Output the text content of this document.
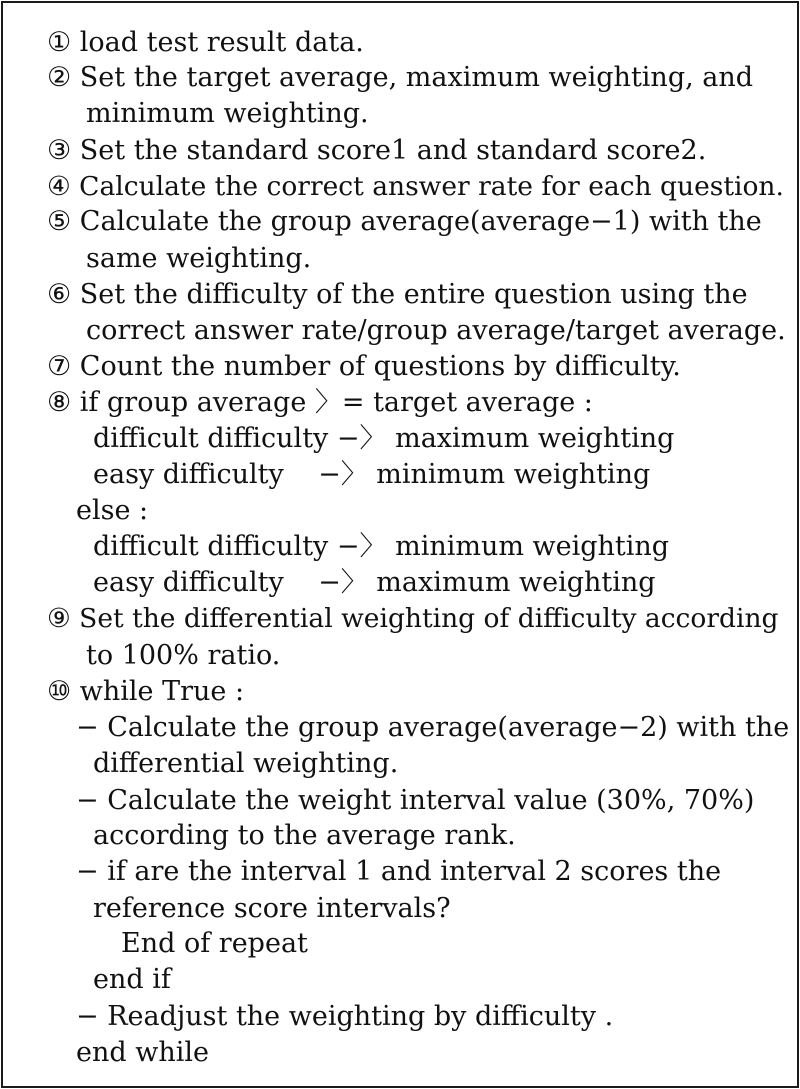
① load test result data.
② Set the target average, maximum weighting, and
minimum weighting.
③ Set the standard score1 and standard score2.
④ Calculate the correct answer rate for each question.
⑤ Calculate the group average(average−1) with the
same weighting.
⑥ Set the difficulty of the entire question using the
correct answer rate/group average/target average.
⑦ Count the number of questions by difficulty.
⑧ if group average 〉= target average :
difficult difficulty −〉 maximum weighting
easy difficulty    −〉 minimum weighting
else :
difficult difficulty −〉 minimum weighting
easy difficulty    −〉 maximum weighting
⑨ Set the differential weighting of difficulty according
to 100% ratio.
⑩ while True :
− Calculate the group average(average−2) with the
differential weighting.
− Calculate the weight interval value (30%, 70%)
according to the average rank.
− if are the interval 1 and interval 2 scores the
reference score intervals?
End of repeat
end if
− Readjust the weighting by difficulty .
end while
